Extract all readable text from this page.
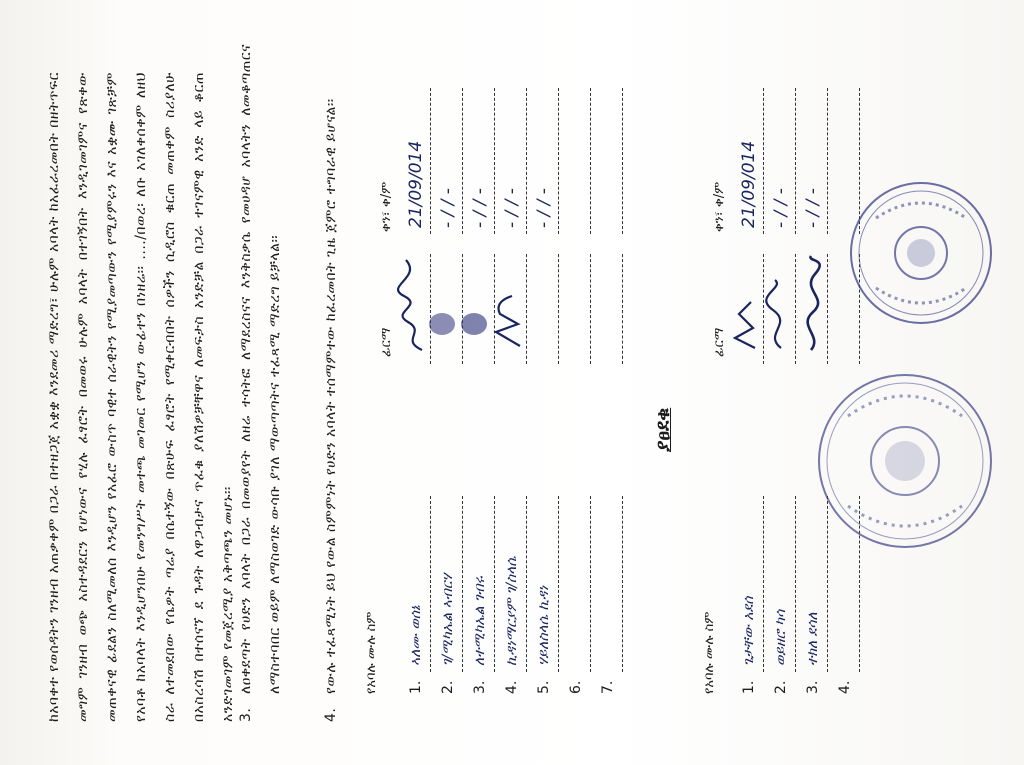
ከአባቀተ የወሰዳትን ገንዘብ አጠቃቀም በጋራ በተዘጋጀ አቋቋ እንደመሪ ማድረግ፣ ሁሉም አባላት ከአፈራረመበት በዘትጥፍር መግም ገንዘብ ወጭ አስተዳደርን የሆነውና የሂሉ ፈፃሮት በመወሩ ሁሉም አባላት በተገኝበት እንዲገመገምና የጽቀው መጠቀናዊ ፊደልን ስለሚመለሰ እንዲሆን የአፈሮ ውስጥ ባዊተ ሰራዊትን የሚያመጣውን የሚያምሩን እና አቋሙ ገጽቻም የአባቶ ከአባላት እንዲሆንበሁ የመንግሥት መተጫ መገመር የሚሆን ውፊተን በነዘሬ፡፡ ..../በወረ፡ ለቡ አገለቀሰቀም ለዘህ ስራ ለተመደበው የሴዎት ጣሬያ በሴተኝው በጽሁፍ ፈፃሮት የሚቀርብበት ሰዎችን ሲዲሮስ ቁርጠ መጠቀም ስሪያለሁ በአስረሳሽ በተሰናኘ ደ ጉዳት ለዋጋብታና ጥፈቁ ያለሽዎቻቸዋና ለመፍታስ አንድቻል በጋራ ተገናምዊ አንድ ላይ ቆርጠ አንድገመገም የመጀረሚያ አቅጣጫን መሆኑ፡፡ 3.ለዐቀደጣት የሀድን አባላት በጋራ በመወያየት ለዘሬ ተሳትፎ ለማደረስናና እንቅስቃሴ የመሀዳሆ አባላትን ለመቆጣጠርና ለማስተባበር ወይም ለማስወገድ ውሳቡ ያገለ ማውጣጣትና ተፈጻሚ ማድረግ ይቻላል፡፡

4.የውሉ ተፈጻሚነት ይህ የውል ስምምነት የሀድን አባላት ተሰማምተው ከፈረመበት ጊዜ ጀምሮ ተግባራዊ ይሆናል፡፡	የአባሉ ሙሉ ስም
ፊርማ
ቀን፣ ቀ/ም
1.
ኣለሙ ወሰኔ
21/09/014
2.
ገ/ሚካኤል ኣብርሃ
- / / -
3.
ለተሚካኤል ገብሩ
- / / -
4.
ኪዳነማርያም ገ/ስላሴ
- / / -
5.
ሃይለስላሴ ኪዳነ
- / / -
6. 7.
ያፀደቁ
የአባሉ ሙሉ ስም
ፊርማ
ቀን፣ ቀ/ም
1.
ጌታቸው አደሰ
21/09/014
2.
ወይዘሮ ካሳ
- / / -
3.
ተክለ ደሳለ
- / / -
4.
